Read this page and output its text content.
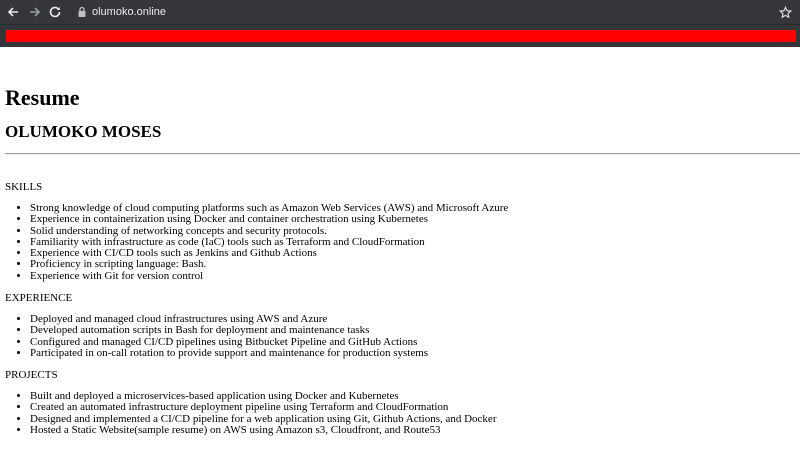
olumoko.online
Resume
OLUMOKO MOSES

SKILLS

• Strong knowledge of cloud computing platforms such as Amazon Web Services (AWS) and Microsoft Azure
• Experience in containerization using Docker and container orchestration using Kubernetes
• Solid understanding of networking concepts and security protocols.
• Familiarity with infrastructure as code (IaC) tools such as Terraform and CloudFormation
• Experience with CI/CD tools such as Jenkins and Github Actions
• Proficiency in scripting language: Bash.
• Experience with Git for version control

EXPERIENCE

• Deployed and managed cloud infrastructures using AWS and Azure
• Developed automation scripts in Bash for deployment and maintenance tasks
• Configured and managed CI/CD pipelines using Bitbucket Pipeline and GitHub Actions
• Participated in on-call rotation to provide support and maintenance for production systems

PROJECTS

• Built and deployed a microservices-based application using Docker and Kubernetes
• Created an automated infrastructure deployment pipeline using Terraform and CloudFormation
• Designed and implemented a CI/CD pipeline for a web application using Git, Github Actions, and Docker
• Hosted a Static Website(sample resume) on AWS using Amazon s3, Cloudfront, and Route53
